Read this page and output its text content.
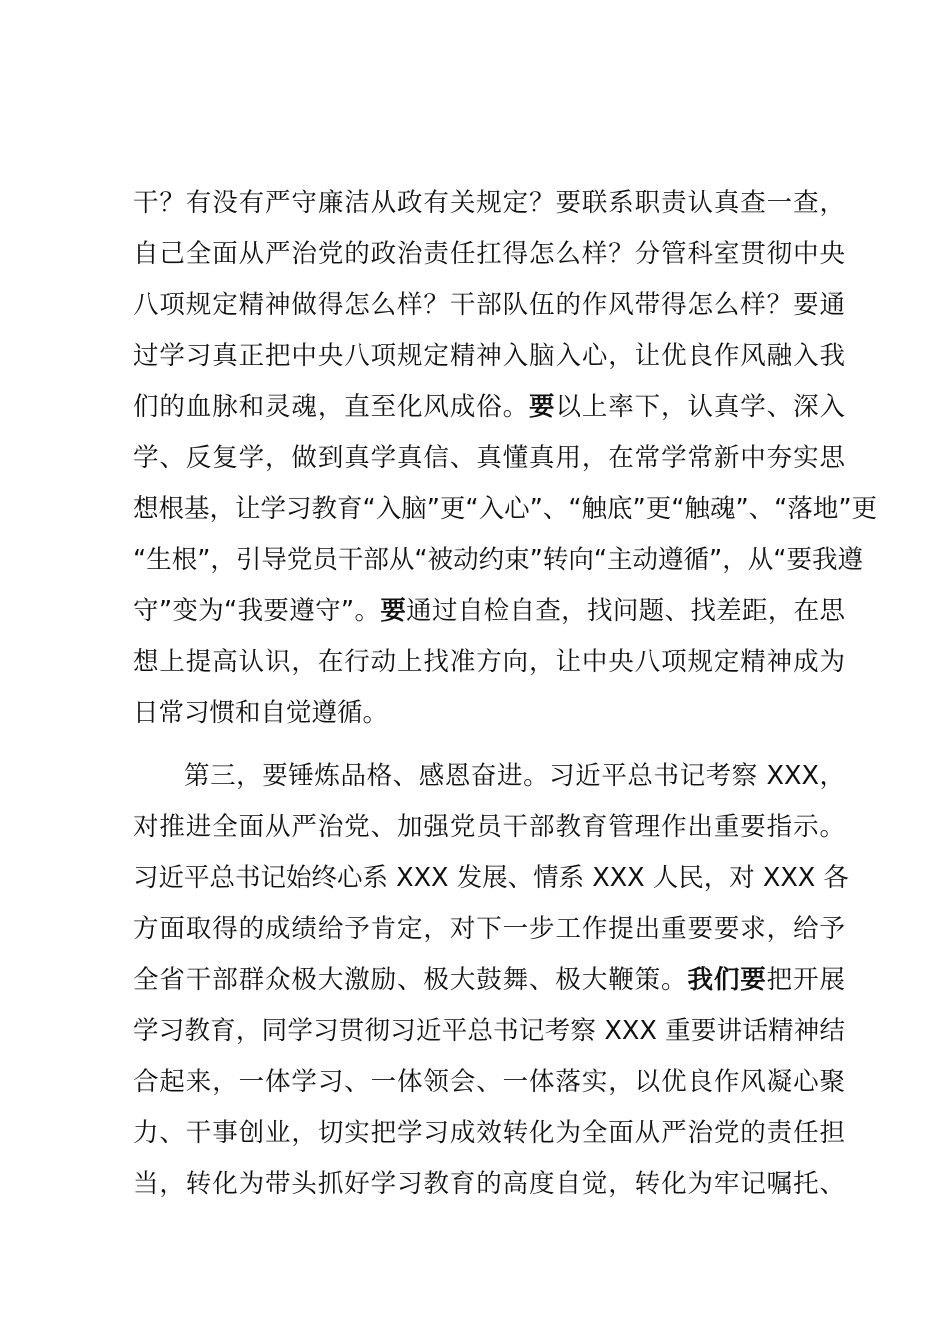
干？有没有严守廉洁从政有关规定？要联系职责认真查一查，
自己全面从严治党的政治责任扛得怎么样？分管科室贯彻中央
八项规定精神做得怎么样？干部队伍的作风带得怎么样？要通
过学习真正把中央八项规定精神入脑入心，让优良作风融入我
们的血脉和灵魂，直至化风成俗。要以上率下，认真学、深入
学、反复学，做到真学真信、真懂真用，在常学常新中夯实思
想根基，让学习教育“入脑”更“入心”、“触底”更“触魂”、“落地”更
“生根”，引导党员干部从“被动约束”转向“主动遵循”，从“要我遵
守”变为“我要遵守”。要通过自检自查，找问题、找差距，在思
想上提高认识，在行动上找准方向，让中央八项规定精神成为
日常习惯和自觉遵循。
第三，要锤炼品格、感恩奋进。习近平总书记考察 XXX，
对推进全面从严治党、加强党员干部教育管理作出重要指示。
习近平总书记始终心系 XXX 发展、情系 XXX 人民，对 XXX 各
方面取得的成绩给予肯定，对下一步工作提出重要要求，给予
全省干部群众极大激励、极大鼓舞、极大鞭策。我们要把开展
学习教育，同学习贯彻习近平总书记考察 XXX 重要讲话精神结
合起来，一体学习、一体领会、一体落实，以优良作风凝心聚
力、干事创业，切实把学习成效转化为全面从严治党的责任担
当，转化为带头抓好学习教育的高度自觉，转化为牢记嘱托、
